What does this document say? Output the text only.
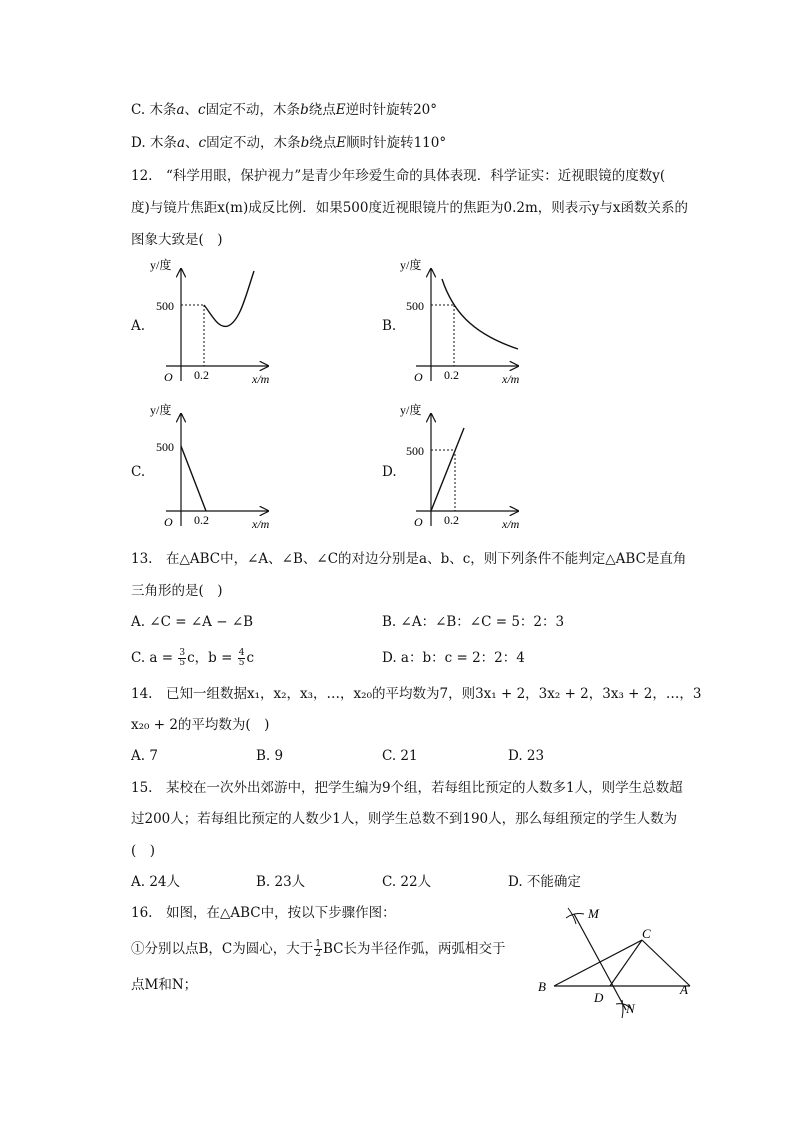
C. 木条a、c固定不动，木条b绕点E逆时针旋转20°
D. 木条a、c固定不动，木条b绕点E顺时针旋转110°
12.　“科学用眼，保护视力”是青少年珍爱生命的具体表现．科学证实：近视眼镜的度数y(
度)与镜片焦距x(m)成反比例．如果500度近视眼镜片的焦距为0.2m，则表示y与x函数关系的
图象大致是(　)
A.
y/度
500
O 0.2	x/m
B.
y/度
500
O 0.2	x/m
C.
y/度
500
O 0.2	x/m
D.
y/度
500
O 0.2	x/m
13.　在△ABC中，∠A、∠B、∠C的对边分别是a、b、c，则下列条件不能判定△ABC是直角
三角形的是(　)
A. ∠C = ∠A − ∠B	B. ∠A：∠B：∠C = 5：2：3
C. $a = \frac{3}{5}$ c，$b = \frac{4}{5}$ c	D. a：b：c = 2：2：4
14.　已知一组数据x₁，x₂，x₃，…，x₂₀的平均数为7，则3x₁ + 2，3x₂ + 2，3x₃ + 2，…，3
x₂₀ + 2的平均数为(　)
A. 7	B. 9	C. 21	D. 23
15.　某校在一次外出郊游中，把学生编为9个组，若每组比预定的人数多1人，则学生总数超
过200人；若每组比预定的人数少1人，则学生总数不到190人，那么每组预定的学生人数为
(　)
A. 24人	B. 23人	C. 22人	D. 不能确定
16.　如图，在△ABC中，按以下步骤作图：
①分别以点B，C为圆心，大于 $\frac{1}{2}$ BC长为半径作弧，两弧相交于
点M和N；
M
C
B
D
A
N
